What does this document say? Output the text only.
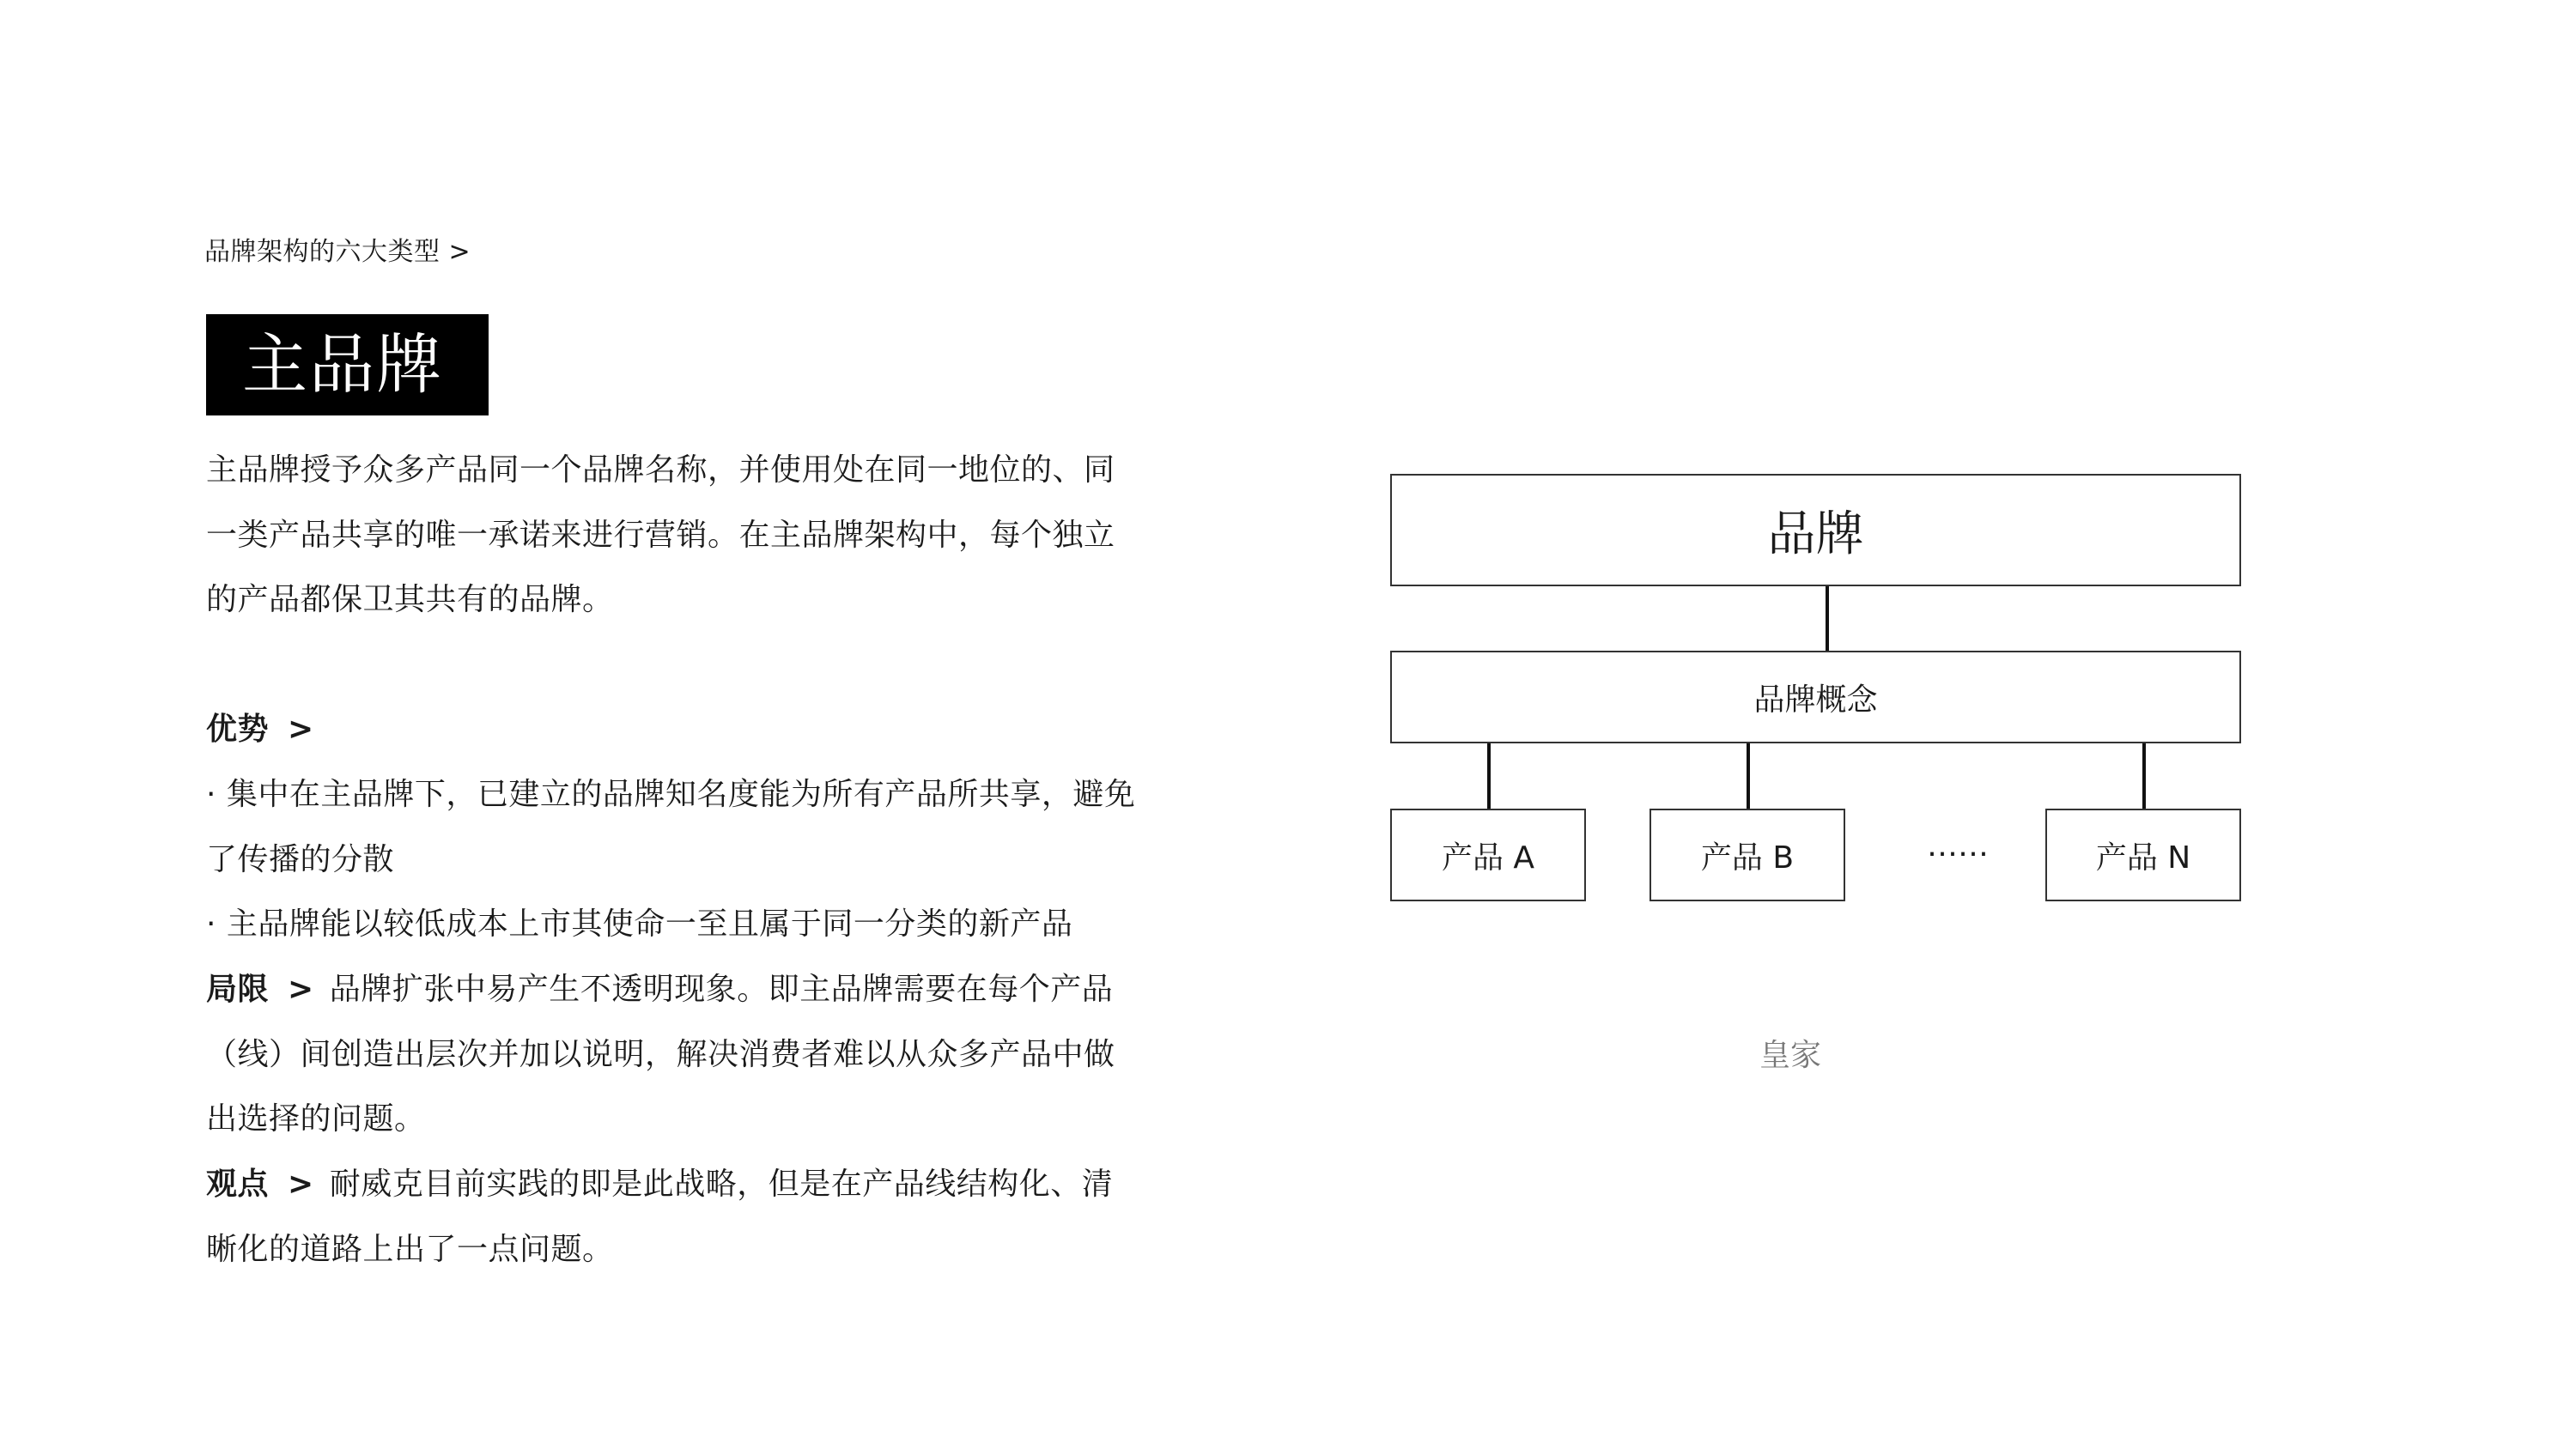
品牌架构的六大类型 >
主品牌

主品牌授予众多产品同一个品牌名称，并使用处在同一地位的、同一类产品共享的唯一承诺来进行营销。在主品牌架构中，每个独立的产品都保卫其共有的品牌。

优势 >

· 集中在主品牌下，已建立的品牌知名度能为所有产品所共享，避免了传播的分散

· 主品牌能以较低成本上市其使命一至且属于同一分类的新产品

局限 > 品牌扩张中易产生不透明现象。即主品牌需要在每个产品（线）间创造出层次并加以说明，解决消费者难以从众多产品中做出选择的问题。

观点 > 耐威克目前实践的即是此战略，但是在产品线结构化、清晰化的道路上出了一点问题。

品牌
品牌概念
产品 A	产品 B	……	产品 N
皇家
